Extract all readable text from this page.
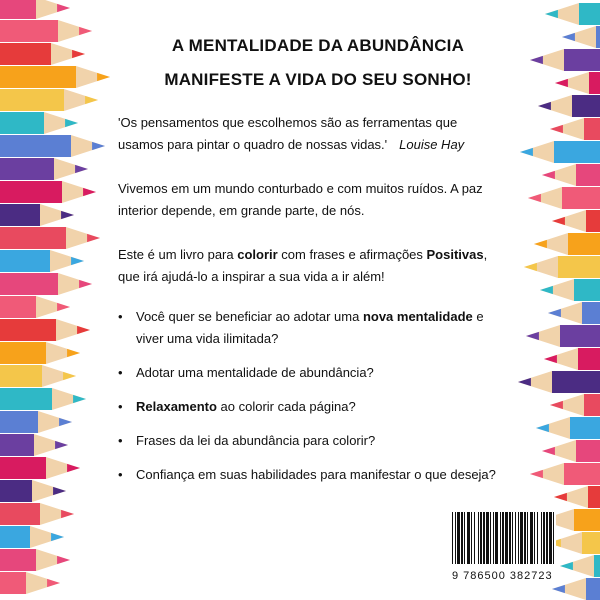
A MENTALIDADE DA ABUNDÂNCIA
MANIFESTE A VIDA DO SEU SONHO!
'Os pensamentos que escolhemos são as ferramentas que usamos para pintar o quadro de nossas vidas.' Louise Hay
Vivemos em um mundo conturbado e com muitos ruídos. A paz interior depende, em grande parte, de nós.
Este é um livro para colorir com frases e afirmações Positivas, que irá ajudá-lo a inspirar a sua vida a ir além!
• Você quer se beneficiar ao adotar uma nova mentalidade e viver uma vida ilimitada?
• Adotar uma mentalidade de abundância?
• Relaxamento ao colorir cada página?
• Frases da lei da abundância para colorir?
• Confiança em suas habilidades para manifestar o que deseja?
9 786500 382723
